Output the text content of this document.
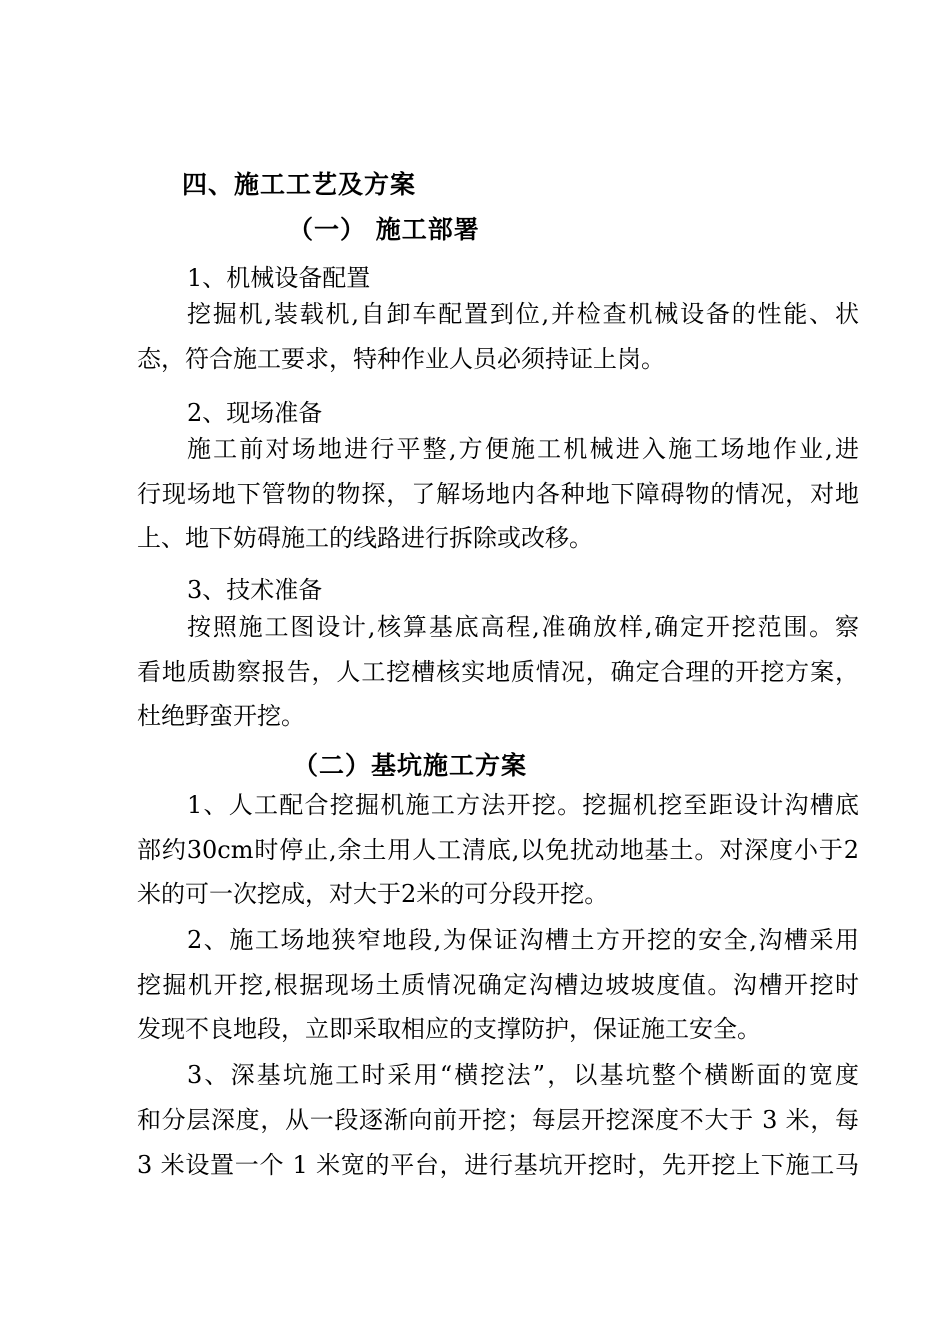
四、施工工艺及方案
（一） 施工部署
1、机械设备配置
挖掘机,装载机,自卸车配置到位,并检查机械设备的性能、状
态，符合施工要求，特种作业人员必须持证上岗。
2、现场准备
施工前对场地进行平整,方便施工机械进入施工场地作业,进
行现场地下管物的物探，了解场地内各种地下障碍物的情况，对地
上、地下妨碍施工的线路进行拆除或改移。
3、技术准备
按照施工图设计,核算基底高程,准确放样,确定开挖范围。察
看地质勘察报告，人工挖槽核实地质情况，确定合理的开挖方案，
杜绝野蛮开挖。
（二）基坑施工方案
1、人工配合挖掘机施工方法开挖。挖掘机挖至距设计沟槽底
部约30cm时停止,余土用人工清底,以免扰动地基土。对深度小于2
米的可一次挖成，对大于2米的可分段开挖。
2、施工场地狭窄地段,为保证沟槽土方开挖的安全,沟槽采用
挖掘机开挖,根据现场土质情况确定沟槽边坡坡度值。沟槽开挖时
发现不良地段，立即采取相应的支撑防护，保证施工安全。
3、深基坑施工时采用“横挖法”，以基坑整个横断面的宽度
和分层深度，从一段逐渐向前开挖；每层开挖深度不大于 3 米，每
3 米设置一个 1 米宽的平台，进行基坑开挖时，先开挖上下施工马
